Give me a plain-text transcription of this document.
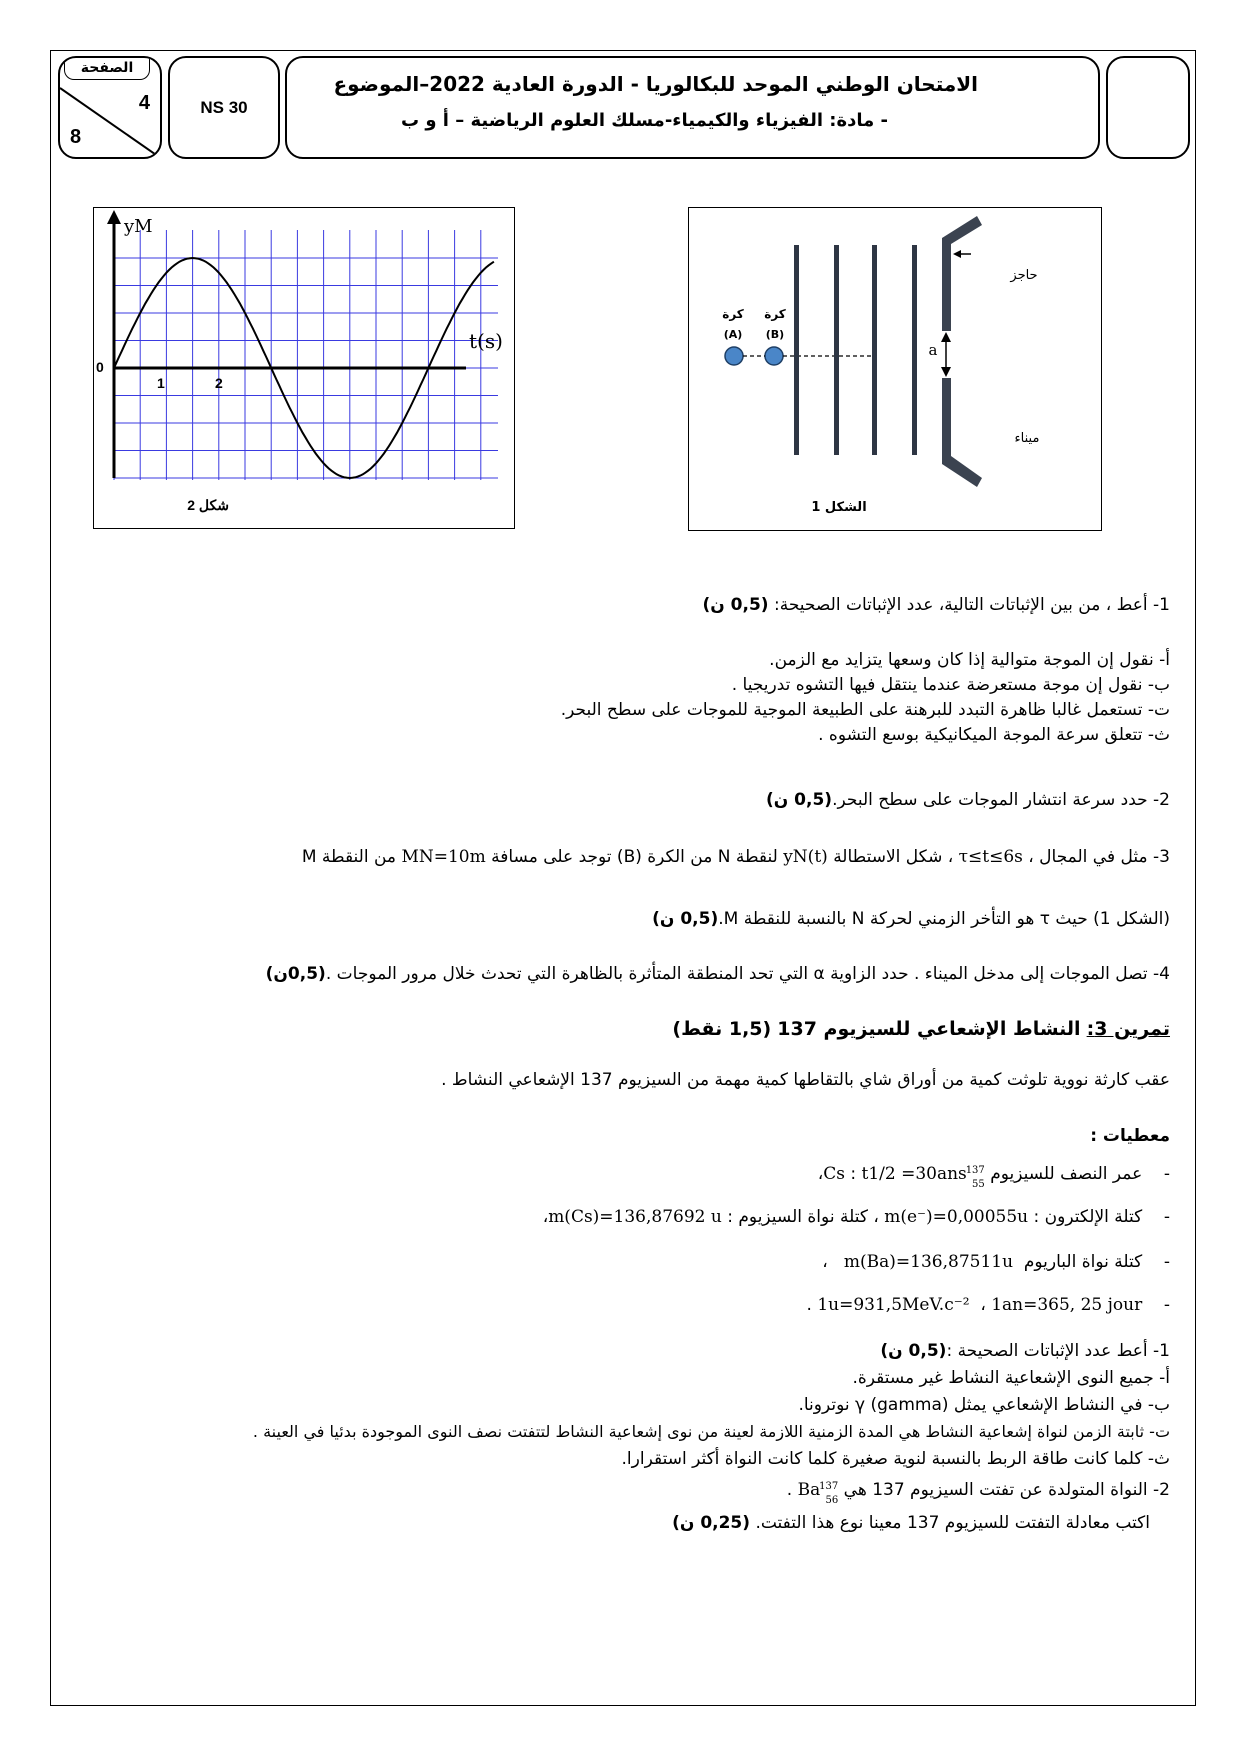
الصفحة
4
8
NS 30
الامتحان الوطني الموحد للبكالوريا - الدورة العادية 2022–الموضوع
- مادة: الفيزياء والكيمياء-مسلك العلوم الرياضية – أ و ب
yM
t(s)
0
1	2
شكل 2
كرة
(A)
كرة
(B)
حاجز
a
ميناء
الشكل 1
1- أعط ، من بين الإثباتات التالية، عدد الإثباتات الصحيحة: (0,5 ن)
أ- نقول إن الموجة متوالية إذا كان وسعها يتزايد مع الزمن.
ب- نقول إن موجة مستعرضة عندما ينتقل فيها التشوه تدريجيا .
ت- تستعمل غالبا ظاهرة التبدد للبرهنة على الطبيعة الموجية للموجات على سطح البحر.
ث- تتعلق سرعة الموجة الميكانيكية بوسع التشوه .
2- حدد سرعة انتشار الموجات على سطح البحر.(0,5 ن)
3- مثل في المجال ، τ≤t≤6s ، شكل الاستطالة yN(t) لنقطة N من الكرة (B) توجد على مسافة MN=10m من النقطة M
(الشكل 1) حيث τ هو التأخر الزمني لحركة N بالنسبة للنقطة M.(0,5 ن)
4- تصل الموجات إلى مدخل الميناء . حدد الزاوية α التي تحد المنطقة المتأثرة بالظاهرة التي تحدث خلال مرور الموجات .(0,5ن)
تمرين 3: النشاط الإشعاعي للسيزيوم 137 (1,5 نقط)
عقب كارثة نووية تلوثت كمية من أوراق شاي بالتقاطها كمية مهمة من السيزيوم 137 الإشعاعي النشاط .
معطيات :
-    عمر النصف للسيزيوم
137
55
Cs : t1/2 =30ans،
-    كتلة الإلكترون : m(e⁻)=0,00055u ، كتلة نواة السيزيوم : m(Cs)=136,87692 u،
-    كتلة نواة الباريوم  m(Ba)=136,87511u   ،
-    1u=931,5MeV.c⁻²  ، 1an=365, 25 jour .
1- أعط عدد الإثباتات الصحيحة :(0,5 ن)
أ- جميع النوى الإشعاعية النشاط غير مستقرة.
ب- في النشاط الإشعاعي يمثل (gamma) γ نوترونا.
ت- ثابتة الزمن لنواة إشعاعية النشاط هي المدة الزمنية اللازمة لعينة من نوى إشعاعية النشاط لتتفتت نصف النوى الموجودة بدئيا في العينة .
ث- كلما كانت طاقة الربط بالنسبة لنوية صغيرة كلما كانت النواة أكثر استقرارا.
2- النواة المتولدة عن تفتت السيزيوم 137 هي
137
56
Ba .
اكتب معادلة التفتت للسيزيوم 137 معينا نوع هذا التفتت. (0,25 ن)
